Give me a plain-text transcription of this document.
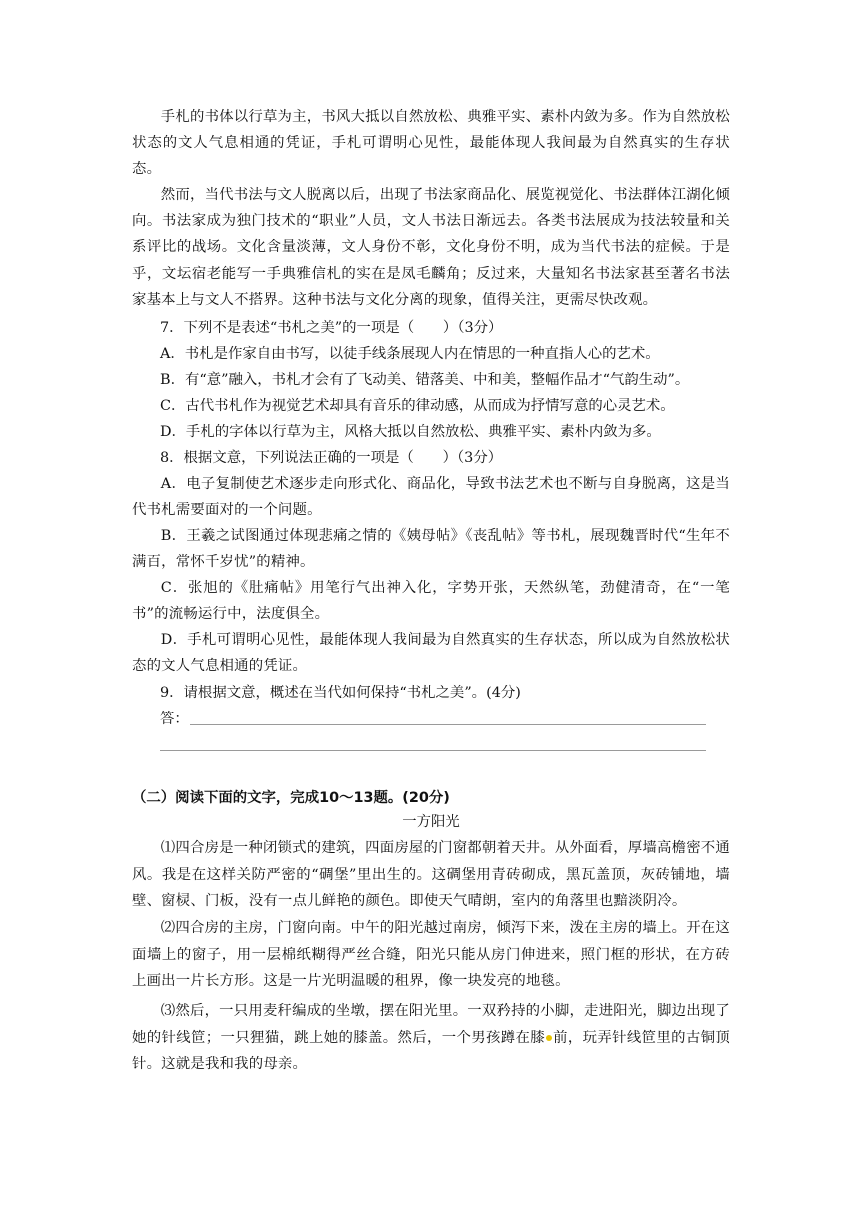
手札的书体以行草为主，书风大抵以自然放松、典雅平实、素朴内敛为多。作为自然放松状态的文人气息相通的凭证，手札可谓明心见性，最能体现人我间最为自然真实的生存状态。

然而，当代书法与文人脱离以后，出现了书法家商品化、展览视觉化、书法群体江湖化倾向。书法家成为独门技术的“职业”人员，文人书法日渐远去。各类书法展成为技法较量和关系评比的战场。文化含量淡薄，文人身份不彰，文化身份不明，成为当代书法的症候。于是乎，文坛宿老能写一手典雅信札的实在是凤毛麟角；反过来，大量知名书法家甚至著名书法家基本上与文人不搭界。这种书法与文化分离的现象，值得关注，更需尽快改观。

7．下列不是表述“书札之美”的一项是（　　）（3分）

A．书札是作家自由书写，以徒手线条展现人内在情思的一种直指人心的艺术。

B．有“意”融入，书札才会有了飞动美、错落美、中和美，整幅作品才“气韵生动”。

C．古代书札作为视觉艺术却具有音乐的律动感，从而成为抒情写意的心灵艺术。

D．手札的字体以行草为主，风格大抵以自然放松、典雅平实、素朴内敛为多。

8．根据文意，下列说法正确的一项是（　　）（3分）

A．电子复制使艺术逐步走向形式化、商品化，导致书法艺术也不断与自身脱离，这是当代书札需要面对的一个问题。

B．王羲之试图通过体现悲痛之情的《姨母帖》《丧乱帖》等书札，展现魏晋时代“生年不满百，常怀千岁忧”的精神。

C．张旭的《肚痛帖》用笔行气出神入化，字势开张，天然纵笔，劲健清奇，在“一笔书”的流畅运行中，法度俱全。

D．手札可谓明心见性，最能体现人我间最为自然真实的生存状态，所以成为自然放松状态的文人气息相通的凭证。

9．请根据文意，概述在当代如何保持“书札之美”。(4分)

答：

（二）阅读下面的文字，完成10～13题。(20分)

一方阳光

⑴四合房是一种闭锁式的建筑，四面房屋的门窗都朝着天井。从外面看，厚墙高檐密不通风。我是在这样关防严密的“碉堡”里出生的。这碉堡用青砖砌成，黑瓦盖顶，灰砖铺地，墙壁、窗棂、门板，没有一点儿鲜艳的颜色。即使天气晴朗，室内的角落里也黯淡阴冷。

⑵四合房的主房，门窗向南。中午的阳光越过南房，倾泻下来，泼在主房的墙上。开在这面墙上的窗子，用一层棉纸糊得严丝合缝，阳光只能从房门伸进来，照门框的形状，在方砖上画出一片长方形。这是一片光明温暖的租界，像一块发亮的地毯。

⑶然后，一只用麦秆编成的坐墩，摆在阳光里。一双矜持的小脚，走进阳光，脚边出现了她的针线笸；一只狸猫，跳上她的膝盖。然后，一个男孩蹲在膝 前，玩弄针线笸里的古铜顶针。这就是我和我的母亲。
